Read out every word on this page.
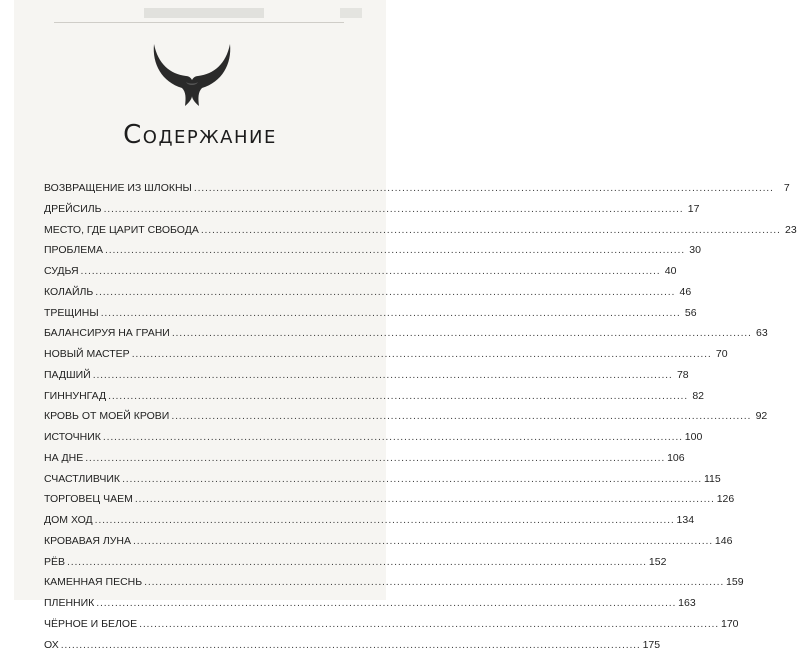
Содержание
ВОЗВРАЩЕНИЕ ИЗ ШЛОКНЫ .....	7
ДРЕЙСИЛЬ .....	17
МЕСТО, ГДЕ ЦАРИТ СВОБОДА .....	23
ПРОБЛЕМА .....	30
СУДЬЯ .....	40
КОЛАЙЛЬ .....	46
ТРЕЩИНЫ .....	56
БАЛАНСИРУЯ НА ГРАНИ .....	63
НОВЫЙ МАСТЕР .....	70
ПАДШИЙ .....	78
ГИННУНГАД .....	82
КРОВЬ ОТ МОЕЙ КРОВИ .....	92
ИСТОЧНИК .....	100
НА ДНЕ .....	106
СЧАСТЛИВЧИК .....	115
ТОРГОВЕЦ ЧАЕМ .....	126
ДОМ ХОД .....	134
КРОВАВАЯ ЛУНА .....	146
РЁВ .....	152
КАМЕННАЯ ПЕСНЬ .....	159
ПЛЕННИК .....	163
ЧЁРНОЕ И БЕЛОЕ .....	170
ОХ .....	175
